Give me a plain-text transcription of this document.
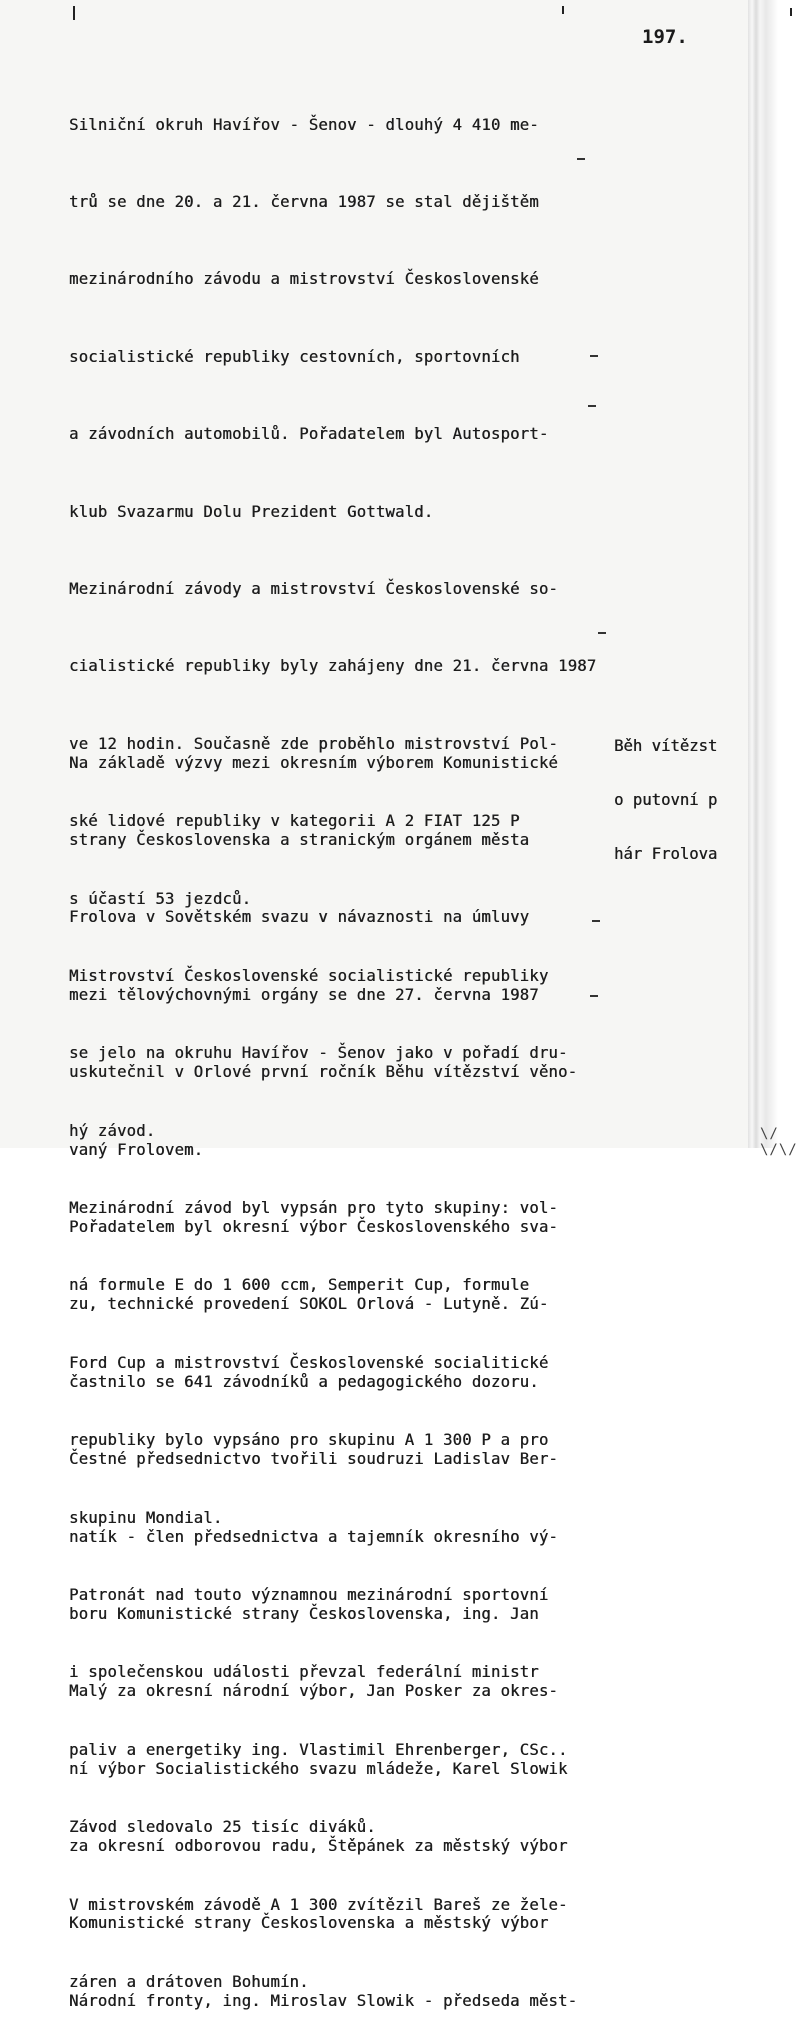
\/ \/\/
197.

Silniční okruh Havířov - Šenov - dlouhý 4 410 me-

trů se dne 20. a 21. června 1987 se stal dějištěm

mezinárodního závodu a mistrovství Československé

socialistické republiky cestovních, sportovních

a závodních automobilů. Pořadatelem byl Autosport-

klub Svazarmu Dolu Prezident Gottwald.

Mezinárodní závody a mistrovství Československé so-

cialistické republiky byly zahájeny dne 21. června 1987

ve 12 hodin. Současně zde proběhlo mistrovství Pol-

ské lidové republiky v kategorii A 2 FIAT 125 P

s účastí 53 jezdců.

Mistrovství Československé socialistické republiky

se jelo na okruhu Havířov - Šenov jako v pořadí dru-

hý závod.

Mezinárodní závod byl vypsán pro tyto skupiny: vol-

ná formule E do 1 600 ccm, Semperit Cup, formule

Ford Cup a mistrovství Československé socialitické

republiky bylo vypsáno pro skupinu A 1 300 P a pro

skupinu Mondial.

Patronát nad touto významnou mezinárodní sportovní

i společenskou události převzal federální ministr

paliv a energetiky ing. Vlastimil Ehrenberger, CSc..

Závod sledovalo 25 tisíc diváků.

V mistrovském závodě A 1 300 zvítězil Bareš ze žele-

záren a drátoven Bohumín.

Běh vítězst

o putovní p

hár Frolova

Na základě výzvy mezi okresním výborem Komunistické

strany Československa a stranickým orgánem města

Frolova v Sovětském svazu v návaznosti na úmluvy

mezi tělovýchovnými orgány se dne 27. června 1987

uskutečnil v Orlové první ročník Běhu vítězství věno-

vaný Frolovem.

Pořadatelem byl okresní výbor Československého sva-

zu, technické provedení SOKOL Orlová - Lutyně. Zú-

častnilo se 641 závodníků a pedagogického dozoru.

Čestné předsednictvo tvořili soudruzi Ladislav Ber-

natík - člen předsednictva a tajemník okresního vý-

boru Komunistické strany Československa, ing. Jan

Malý za okresní národní výbor, Jan Posker za okres-

ní výbor Socialistického svazu mládeže, Karel Slowik

za okresní odborovou radu, Štěpánek za městský výbor

Komunistické strany Československa a městský výbor

Národní fronty, ing. Miroslav Slowik - předseda měst-
